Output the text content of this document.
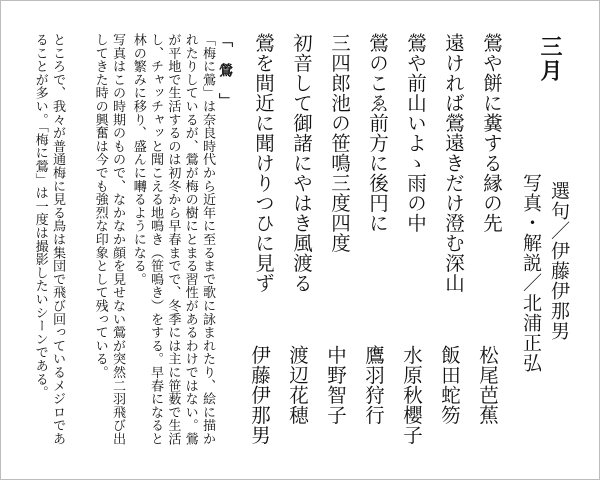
三月
選句／伊藤伊那男
写真･解説／北浦正弘
鶯や餅に糞する縁の先
遠ければ鶯遠きだけ澄む深山
鶯や前山いよゝ雨の中
鶯のこゑ前方に後円に
三四郎池の笹鳴三度四度
初音して御諸にやはき風渡る
鶯を間近に聞けりつひに見ず
松尾芭蕉
飯田蛇笏
水原秋櫻子
鷹羽狩行
中野智子
渡辺花穂
伊藤伊那男
「 鶯 」

「梅に鶯」は奈良時代から近年に至るまで歌に詠まれたり、絵に描かれたりしているが、鶯が梅の樹にとまる習性があるわけではない。鶯が平地で生活するのは初冬から早春までで、冬季には主に笹薮で生活し、チャッチャッと聞こえる地鳴き（笹鳴き）をする。早春になると林の繁みに移り、盛んに囀るようになる。

写真はこの時期のもので、なかなか顔を見せない鶯が突然二羽飛び出してきた時の興奮は今でも強烈な印象として残っている。

ところで、我々が普通梅に見る鳥は集団で飛び回っているメジロであることが多い。「梅に鶯」は一度は撮影したいシーンである。
